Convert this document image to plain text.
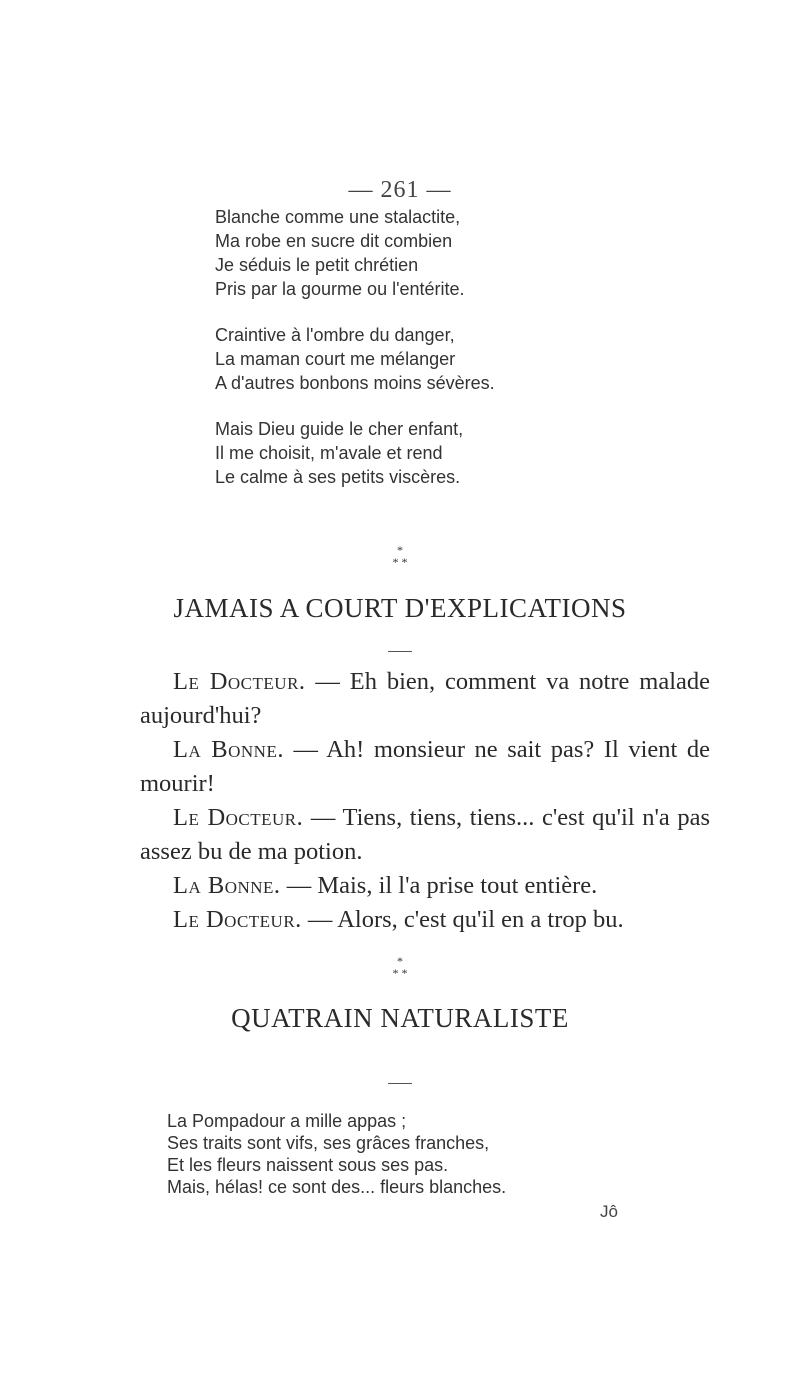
— 261 —
Blanche comme une stalactite,
Ma robe en sucre dit combien
Je séduis le petit chrétien
Pris par la gourme ou l'entérite.
Craintive à l'ombre du danger,
La maman court me mélanger
A d'autres bonbons moins sévères.
Mais Dieu guide le cher enfant,
Il me choisit, m'avale et rend
Le calme à ses petits viscères.
*
* *
JAMAIS A COURT D'EXPLICATIONS
Le Docteur. — Eh bien, comment va notre malade aujourd'hui?
La Bonne. — Ah! monsieur ne sait pas? Il vient de mourir!
Le Docteur. — Tiens, tiens, tiens... c'est qu'il n'a pas assez bu de ma potion.
La Bonne. — Mais, il l'a prise tout entière.
Le Docteur. — Alors, c'est qu'il en a trop bu.
*
* *
QUATRAIN NATURALISTE
La Pompadour a mille appas ;
Ses traits sont vifs, ses grâces franches,
Et les fleurs naissent sous ses pas.
Mais, hélas! ce sont des... fleurs blanches.
Jô
